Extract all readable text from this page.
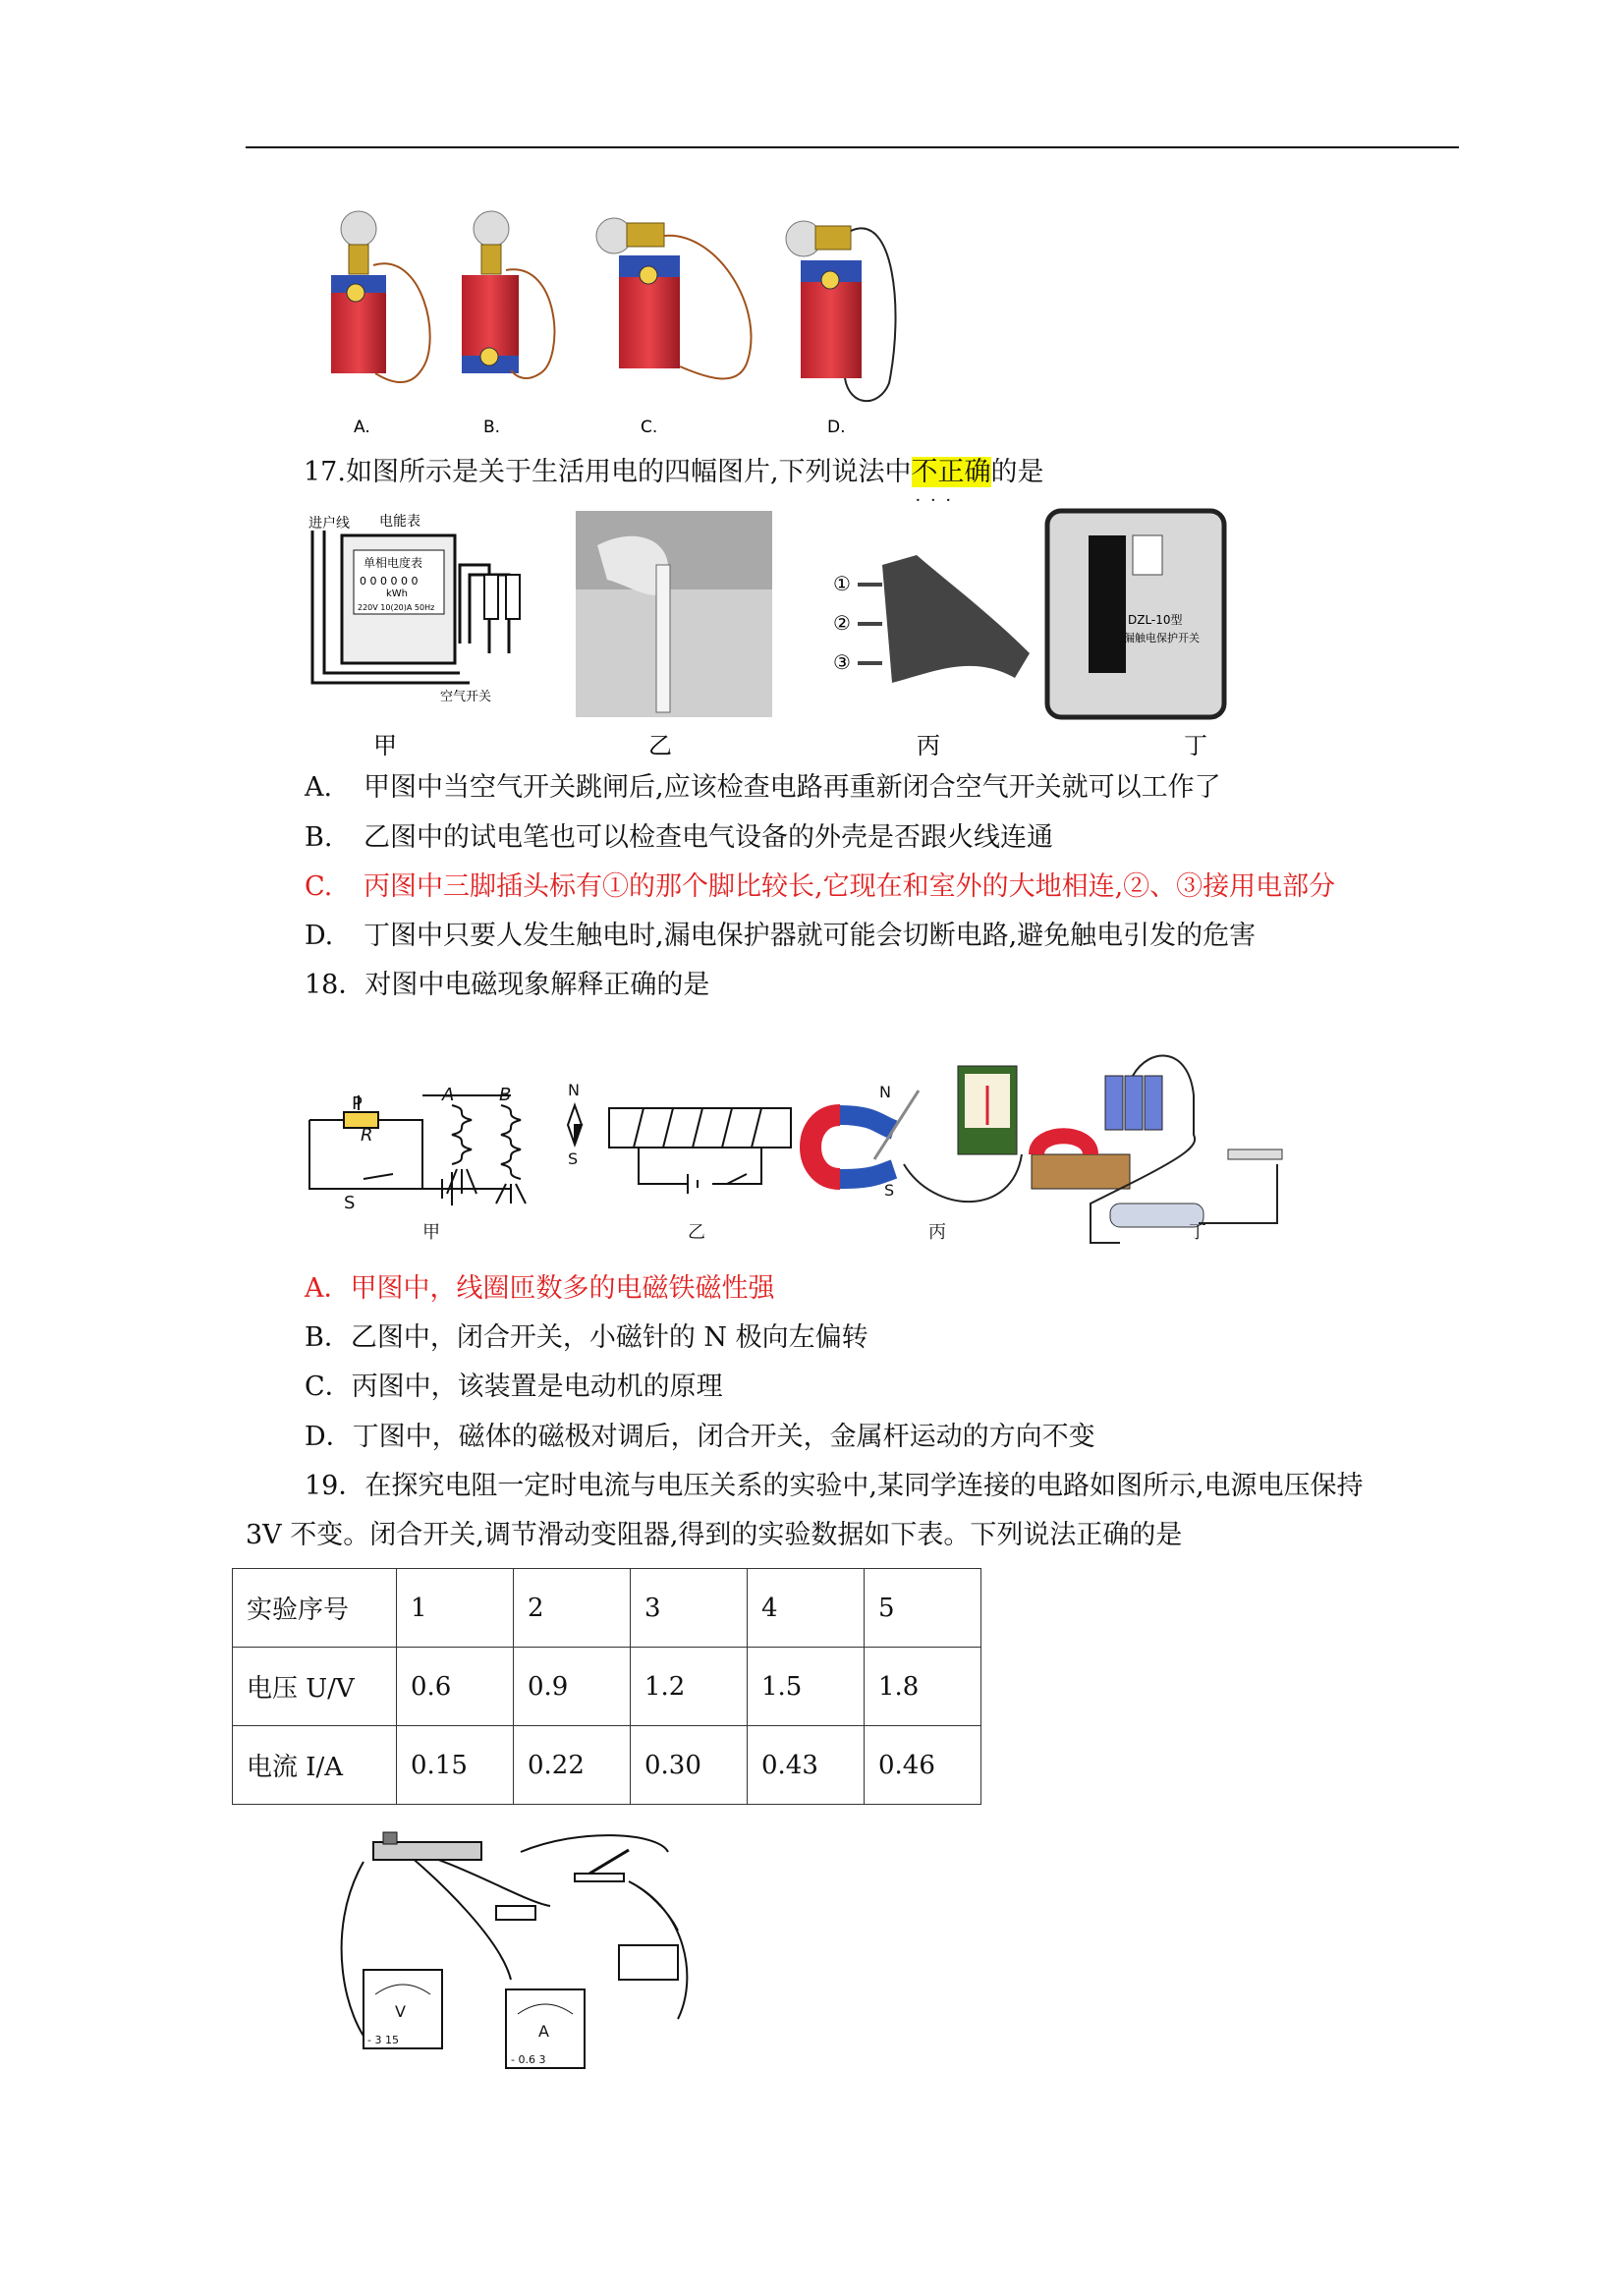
A.	B.	C.	D.
17.如图所示是关于生活用电的四幅图片,下列说法中不正确 · · ·的是
进户线 电能表
单相电度表
0 0 0 0 0 0
kWh
220V 10(20)A 50Hz
空气开关
①
②
③
DZL-10型
漏触电保护开关
甲	乙	丙	丁
A. 甲图中当空气开关跳闸后,应该检查电路再重新闭合空气开关就可以工作了
B. 乙图中的试电笔也可以检查电气设备的外壳是否跟火线连通
C. 丙图中三脚插头标有①的那个脚比较长,它现在和室外的大地相连,②、③接用电部分
D. 丁图中只要人发生触电时,漏电保护器就可能会切断电路,避免触电引发的危害
18．对图中电磁现象解释正确的是
P
R
S
A	B	N
S
N
S
甲	乙	丙	丁
A．甲图中，线圈匝数多的电磁铁磁性强
B．乙图中，闭合开关，小磁针的 N 极向左偏转
C．丙图中，该装置是电动机的原理
D．丁图中，磁体的磁极对调后，闭合开关，金属杆运动的方向不变
19．在探究电阻一定时电流与电压关系的实验中,某同学连接的电路如图所示,电源电压保持
3V 不变。闭合开关,调节滑动变阻器,得到的实验数据如下表。下列说法正确的是
实验序号	1	2	3	4	5
电压 U/V	0.6	0.9	1.2	1.5	1.8
电流 I/A	0.15	0.22	0.30	0.43	0.46
V
- 3 15	A
- 0.6 3
